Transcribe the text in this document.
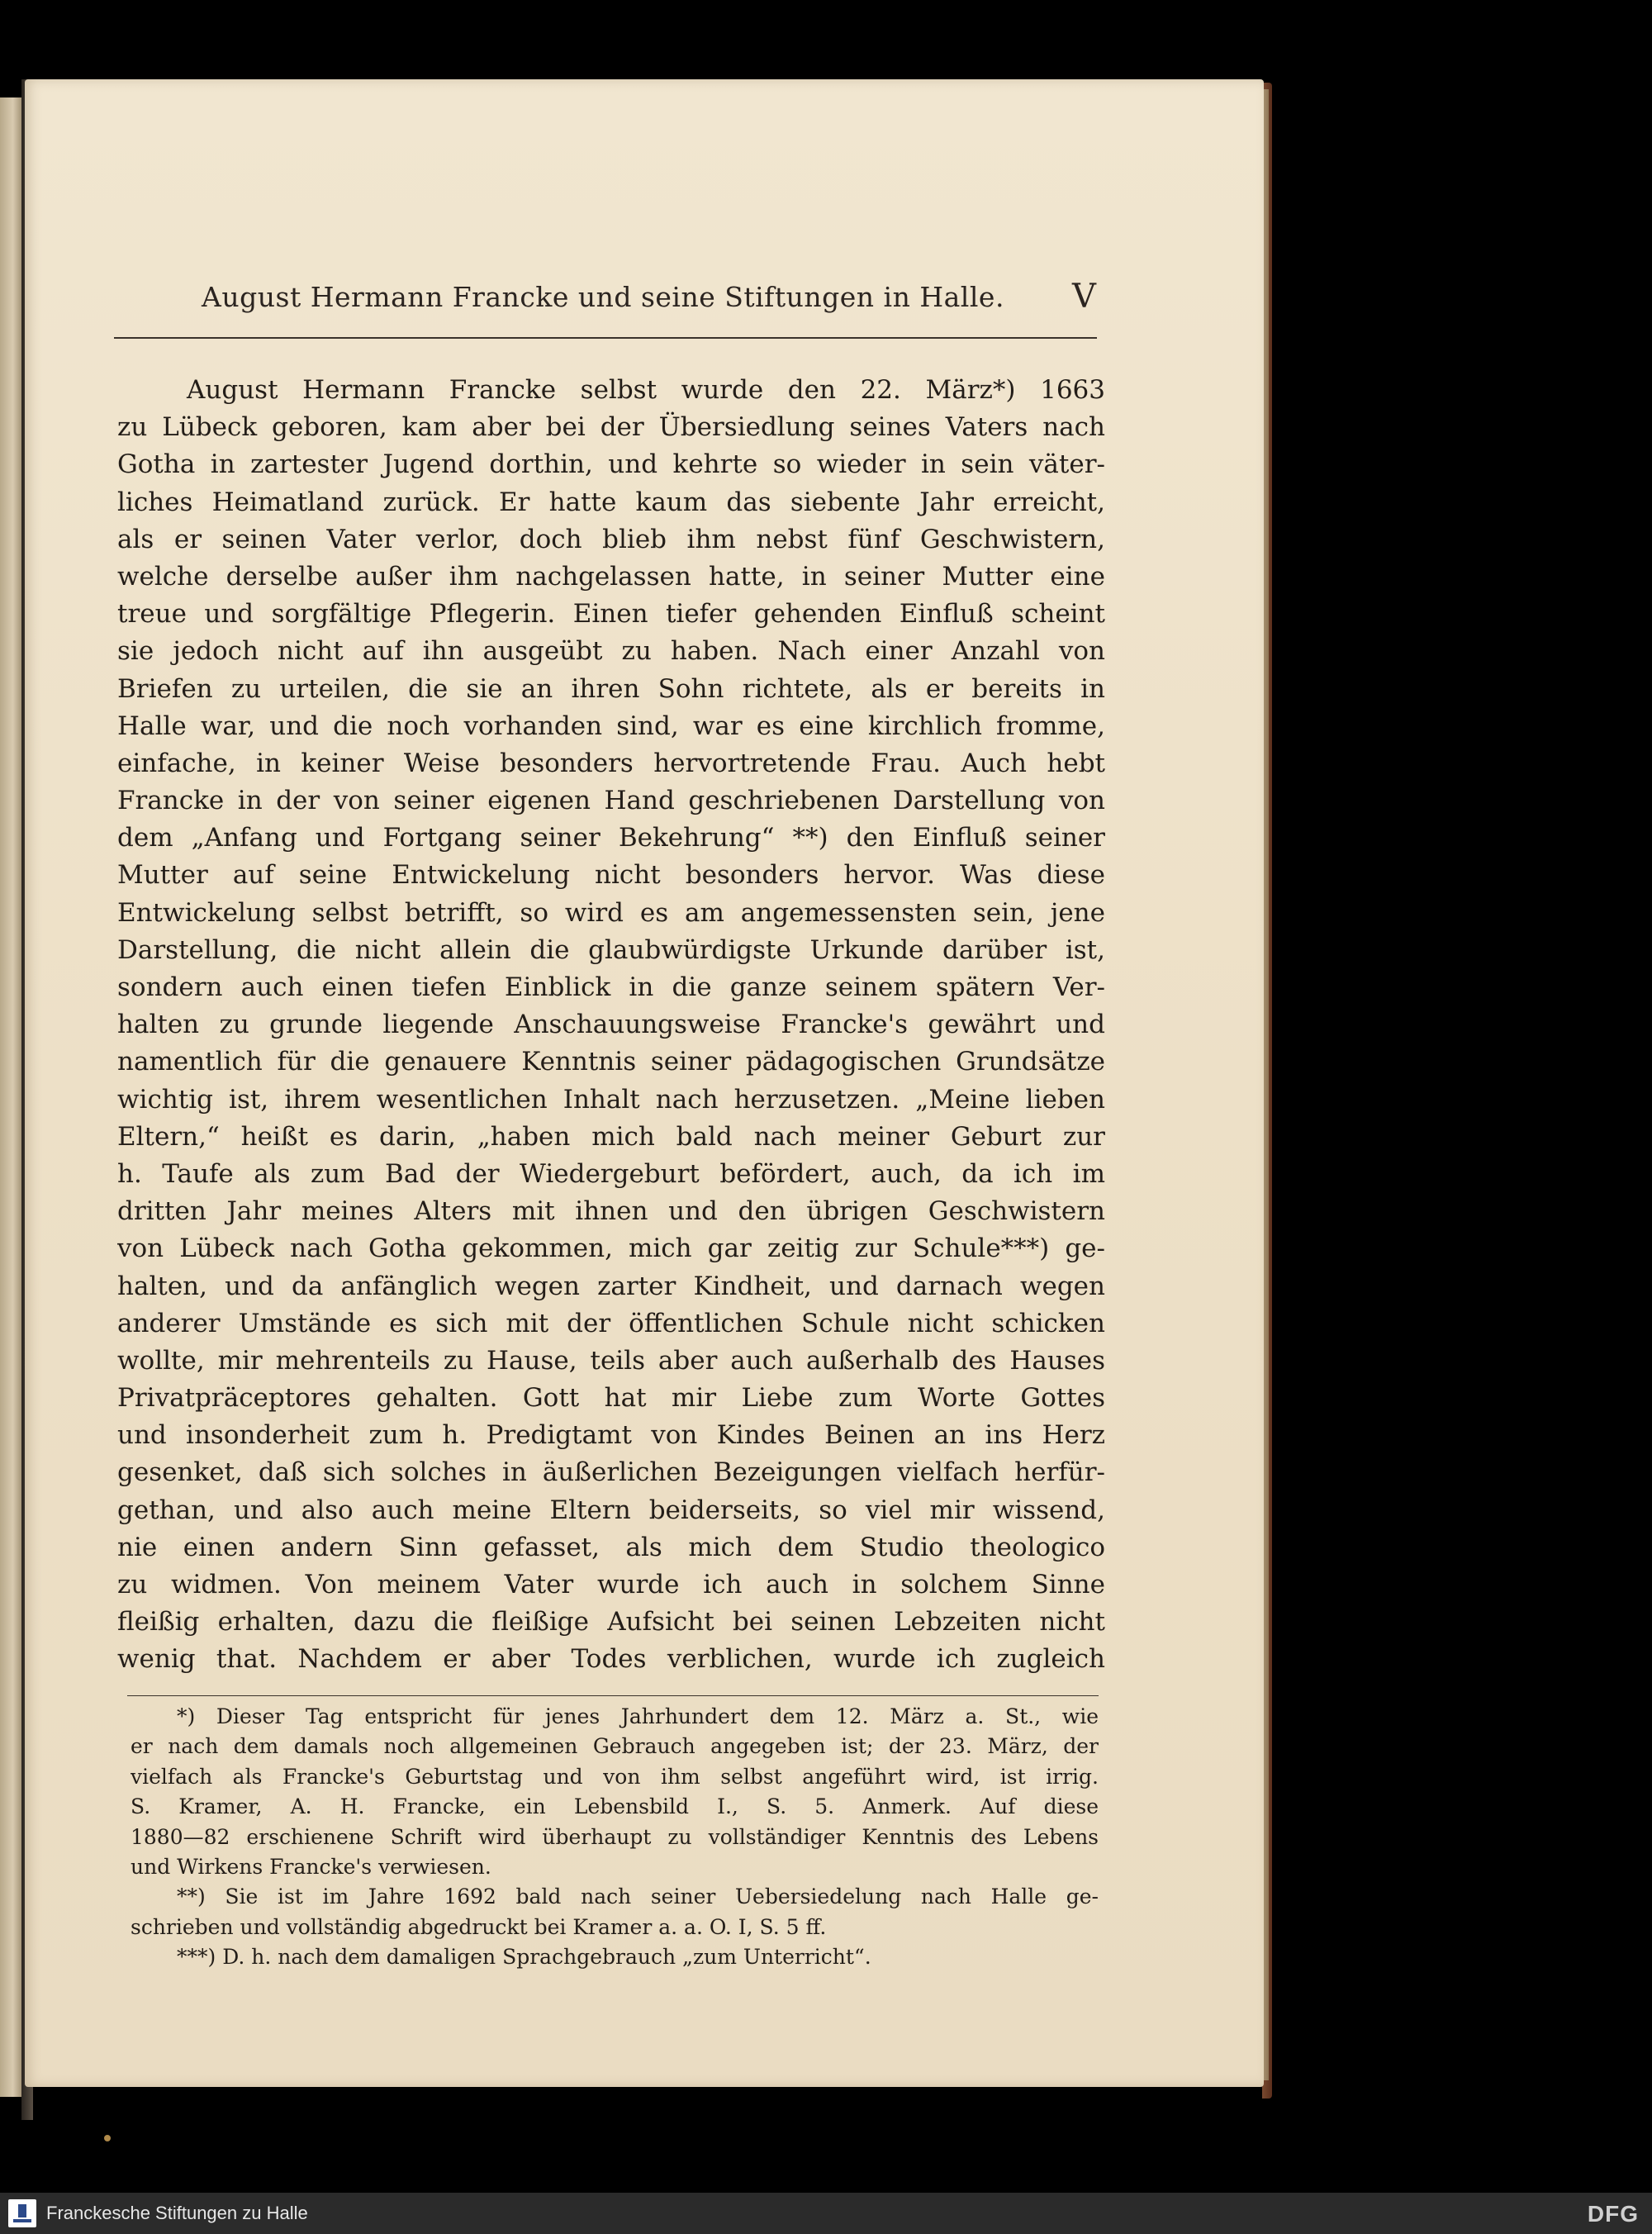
August Hermann Francke und seine Stiftungen in Halle.	V
August Hermann Francke selbst wurde den 22. März*) 1663
zu Lübeck geboren, kam aber bei der Übersiedlung seines Vaters nach
Gotha in zartester Jugend dorthin, und kehrte so wieder in sein väter-
liches Heimatland zurück. Er hatte kaum das siebente Jahr erreicht,
als er seinen Vater verlor, doch blieb ihm nebst fünf Geschwistern,
welche derselbe außer ihm nachgelassen hatte, in seiner Mutter eine
treue und sorgfältige Pflegerin. Einen tiefer gehenden Einfluß scheint
sie jedoch nicht auf ihn ausgeübt zu haben. Nach einer Anzahl von
Briefen zu urteilen, die sie an ihren Sohn richtete, als er bereits in
Halle war, und die noch vorhanden sind, war es eine kirchlich fromme,
einfache, in keiner Weise besonders hervortretende Frau. Auch hebt
Francke in der von seiner eigenen Hand geschriebenen Darstellung von
dem „Anfang und Fortgang seiner Bekehrung“ **) den Einfluß seiner
Mutter auf seine Entwickelung nicht besonders hervor. Was diese
Entwickelung selbst betrifft, so wird es am angemessensten sein, jene
Darstellung, die nicht allein die glaubwürdigste Urkunde darüber ist,
sondern auch einen tiefen Einblick in die ganze seinem spätern Ver-
halten zu grunde liegende Anschauungsweise Francke's gewährt und
namentlich für die genauere Kenntnis seiner pädagogischen Grundsätze
wichtig ist, ihrem wesentlichen Inhalt nach herzusetzen. „Meine lieben
Eltern,“ heißt es darin, „haben mich bald nach meiner Geburt zur
h. Taufe als zum Bad der Wiedergeburt befördert, auch, da ich im
dritten Jahr meines Alters mit ihnen und den übrigen Geschwistern
von Lübeck nach Gotha gekommen, mich gar zeitig zur Schule***) ge-
halten, und da anfänglich wegen zarter Kindheit, und darnach wegen
anderer Umstände es sich mit der öffentlichen Schule nicht schicken
wollte, mir mehrenteils zu Hause, teils aber auch außerhalb des Hauses
Privatpräceptores gehalten. Gott hat mir Liebe zum Worte Gottes
und insonderheit zum h. Predigtamt von Kindes Beinen an ins Herz
gesenket, daß sich solches in äußerlichen Bezeigungen vielfach herfür-
gethan, und also auch meine Eltern beiderseits, so viel mir wissend,
nie einen andern Sinn gefasset, als mich dem Studio theologico
zu widmen. Von meinem Vater wurde ich auch in solchem Sinne
fleißig erhalten, dazu die fleißige Aufsicht bei seinen Lebzeiten nicht
wenig that. Nachdem er aber Todes verblichen, wurde ich zugleich
*) Dieser Tag entspricht für jenes Jahrhundert dem 12. März a. St., wie
er nach dem damals noch allgemeinen Gebrauch angegeben ist; der 23. März, der
vielfach als Francke's Geburtstag und von ihm selbst angeführt wird, ist irrig.
S. Kramer, A. H. Francke, ein Lebensbild I., S. 5. Anmerk. Auf diese
1880—82 erschienene Schrift wird überhaupt zu vollständiger Kenntnis des Lebens
und Wirkens Francke's verwiesen.
**) Sie ist im Jahre 1692 bald nach seiner Uebersiedelung nach Halle ge-
schrieben und vollständig abgedruckt bei Kramer a. a. O. I, S. 5 ff.
***) D. h. nach dem damaligen Sprachgebrauch „zum Unterricht“.
Franckesche Stiftungen zu Halle	DFG
